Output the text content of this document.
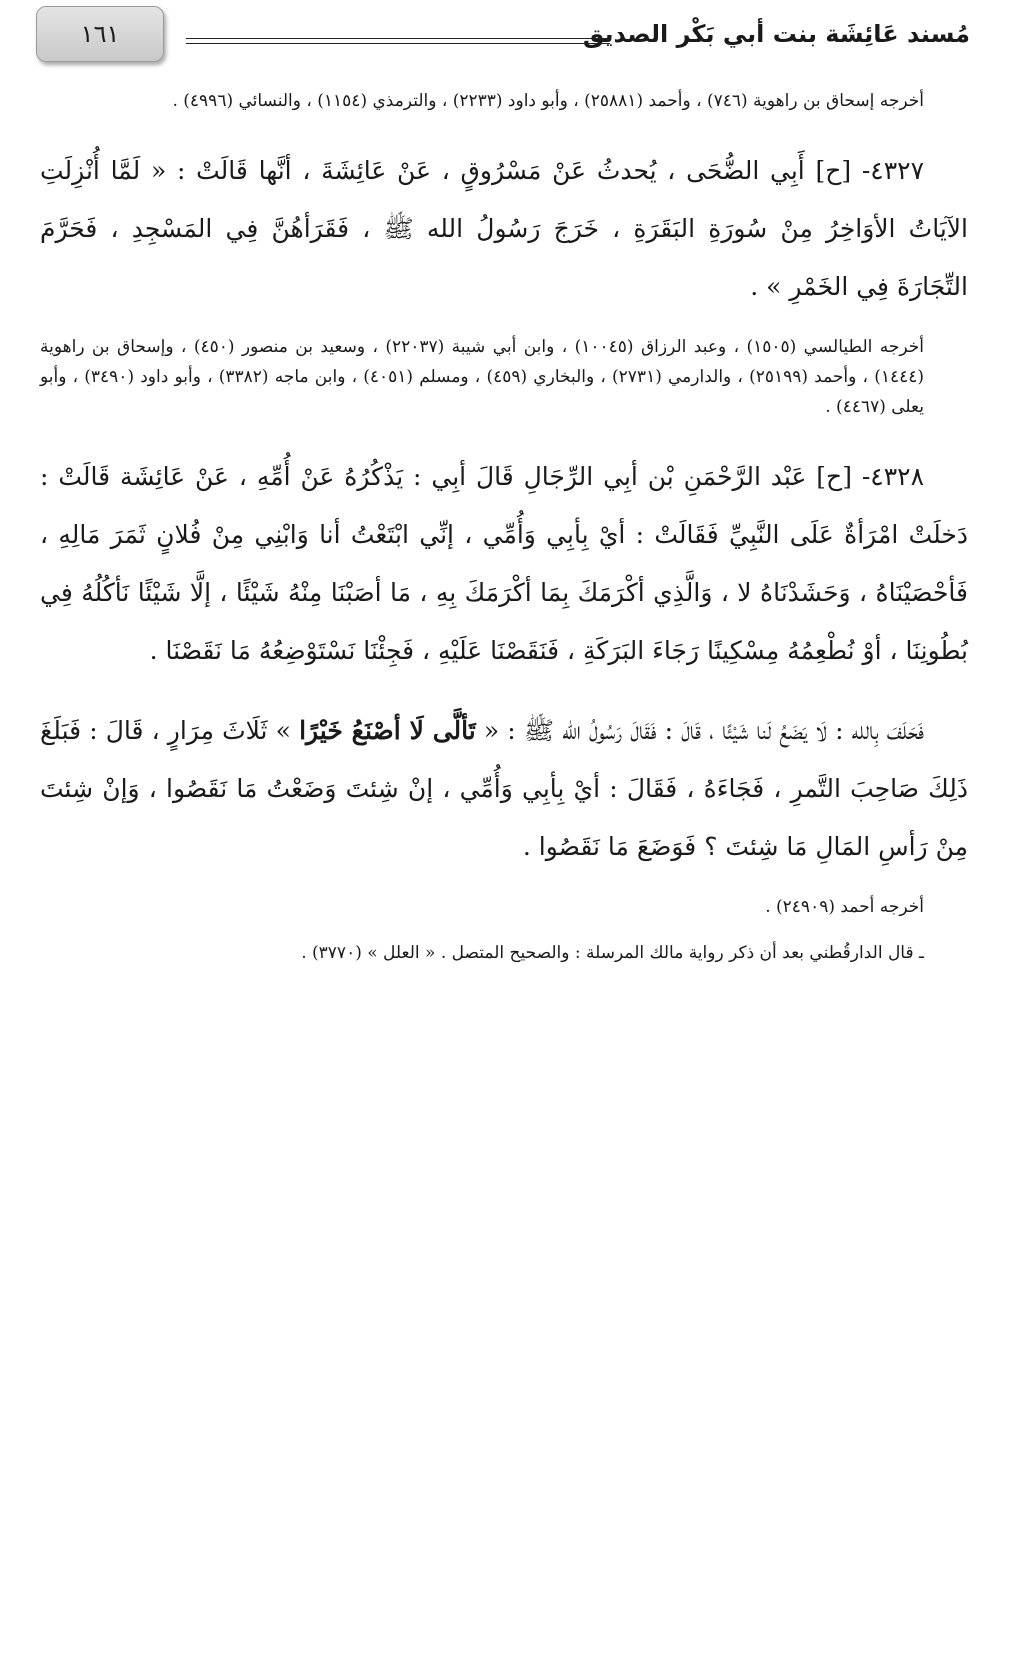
مُسند عَائِشَة بنت أبي بَكْر الصديق
١٦١

أخرجه إسحاق بن راهوية (٧٤٦) ، وأحمد (٢٥٨٨١) ، وأبو داود (٢٢٣٣) ، والترمذي (١١٥٤) ، والنسائي (٤٩٩٦) .

٤٣٢٧- [ح] أَبِي الضُّحَى ، يُحدثُ عَنْ مَسْرُوقٍ ، عَنْ عَائِشَةَ ، أنَّها قَالَتْ : « لَمَّا أُنْزِلَتِ الآيَاتُ الأوَاخِرُ مِنْ سُورَةِ البَقَرَةِ ، خَرَجَ رَسُولُ الله ﷺ ، فَقَرَأهُنَّ فِي المَسْجِدِ ، فَحَرَّمَ التِّجَارَةَ فِي الخَمْرِ » .

أخرجه الطيالسي (١٥٠٥) ، وعبد الرزاق (١٠٠٤٥) ، وابن أبي شيبة (٢٢٠٣٧) ، وسعيد بن منصور (٤٥٠) ، وإسحاق بن راهوية (١٤٤٤) ، وأحمد (٢٥١٩٩) ، والدارمي (٢٧٣١) ، والبخاري (٤٥٩) ، ومسلم (٤٠٥١) ، وابن ماجه (٣٣٨٢) ، وأبو داود (٣٤٩٠) ، وأبو يعلى (٤٤٦٧) .

٤٣٢٨- [ح] عَبْد الرَّحْمَنِ بْن أبِي الرِّجَالِ قَالَ أبِي : يَذْكُرُهُ عَنْ أُمِّهِ ، عَنْ عَائِشَة قَالَتْ : دَخلَتْ امْرَأةٌ عَلَى النَّبِيِّ فَقَالَتْ : أيْ بِأبِي وَأُمِّي ، إنِّي ابْتَعْتُ أنا وَابْنِي مِنْ فُلانٍ ثَمَرَ مَالِهِ ، فَأحْصَيْنَاهُ ، وَحَشَدْنَاهُ لا ، وَالَّذِي أكْرَمَكَ بِمَا أكْرَمَكَ بِهِ ، مَا أصَبْنَا مِنْهُ شَيْئًا ، إلَّا شَيْئًا نَأكُلُهُ فِي بُطُونِنَا ، أوْ نُطْعِمُهُ مِسْكِينًا رَجَاءَ البَرَكَةِ ، فَنَقَصْنَا عَلَيْهِ ، فَجِئْنَا نَسْتَوْضِعُهُ مَا نَقَصْنَا .

فَحَلَفَ بِالله : لَا يَضَعُ لَنا شَيْئًا ، قَالَ : فَقَالَ رَسُولُ الله ﷺ : « تَألَّى لَا أصْنَعُ خَيْرًا » ثَلَاثَ مِرَارٍ ، قَالَ : فَبَلَغَ ذَلِكَ صَاحِبَ التَّمرِ ، فَجَاءَهُ ، فَقَالَ : أيْ بِأبِي وَأُمِّي ، إنْ شِئتَ وَضَعْتُ مَا نَقَصُوا ، وَإنْ شِئتَ مِنْ رَأسِ المَالِ مَا شِئتَ ؟ فَوَضَعَ مَا نَقَصُوا .

أخرجه أحمد (٢٤٩٠٩) .

ـ قال الدارقُطني بعد أن ذكر رواية مالك المرسلة : والصحيح المتصل . « العلل » (٣٧٧٠) .
